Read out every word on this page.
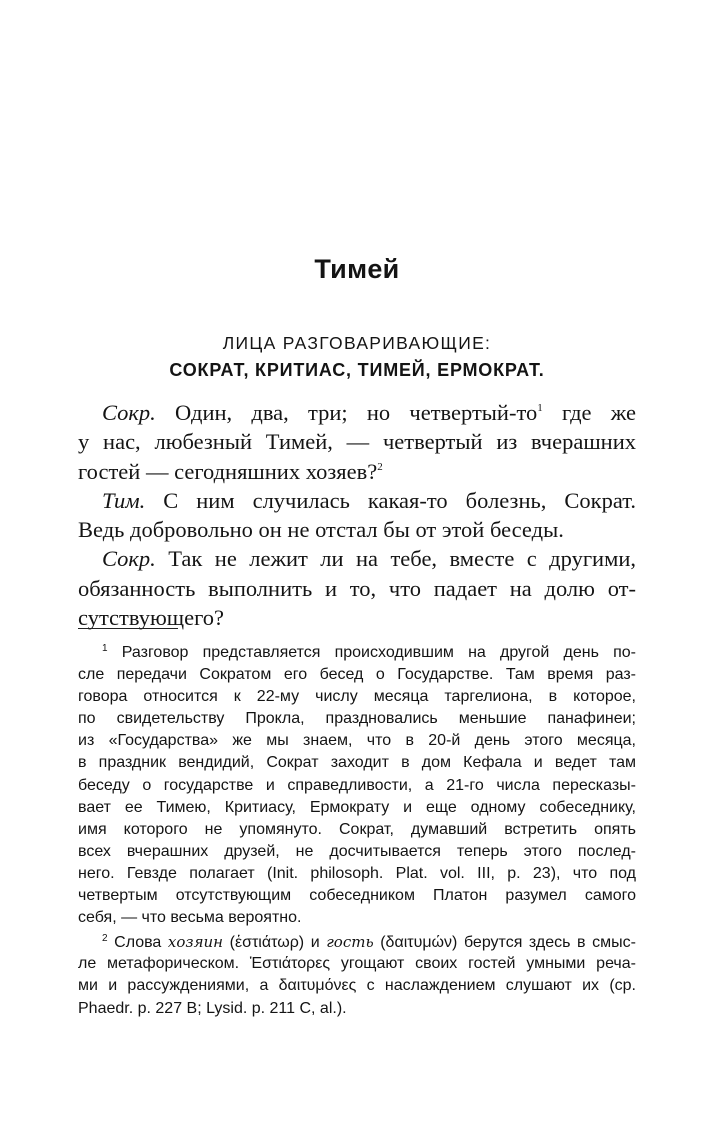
Тимей
ЛИЦА РАЗГОВАРИВАЮЩИЕ:
СОКРАТ, КРИТИАС, ТИМЕЙ, ЕРМОКРАТ.
Сокр. Один, два, три; но четвертый-$то^1$ где же
у нас, любезный Тимей, — четвертый из вчерашних
гостей — сегодняшних хозяев?$^2$
Тим. С ним случилась какая-то болезнь, Сократ.
Ведь добровольно он не отстал бы от этой беседы.
Сокр. Так не лежит ли на тебе, вместе с другими,
обязанность выполнить и то, что падает на долю от-
сутствующего?
$^1$ Разговор представляется происходившим на другой день по-
сле передачи Сократом его бесед о Государстве. Там время раз-
говора относится к 22-му числу месяца таргелиона, в которое,
по свидетельству Прокла, праздновались меньшие панафинеи;
из «Государства» же мы знаем, что в 20-й день этого месяца,
в праздник вендидий, Сократ заходит в дом Кефала и ведет там
беседу о государстве и справедливости, а 21-го числа пересказы-
вает ее Тимею, Критиасу, Ермократу и еще одному собеседнику,
имя которого не упомянуто. Сократ, думавший встретить опять
всех вчерашних друзей, не досчитывается теперь этого послед-
него. Гевзде полагает (Init. philosoph. Plat. vol. III, p. 23), что под
четвертым отсутствующим собеседником Платон разумел самого
себя, — что весьма вероятно.
$^2$ Слова хозяин (ἑστιάτωρ) и гость (δαιτυμών) берутся здесь в смыс-
ле метафорическом. Ἑστιάτορες угощают своих гостей умными реча-
ми и рассуждениями, а δαιτυμόνες с наслаждением слушают их (ср.
Phaedr. p. 227 B; Lysid. p. 211 C, al.).
